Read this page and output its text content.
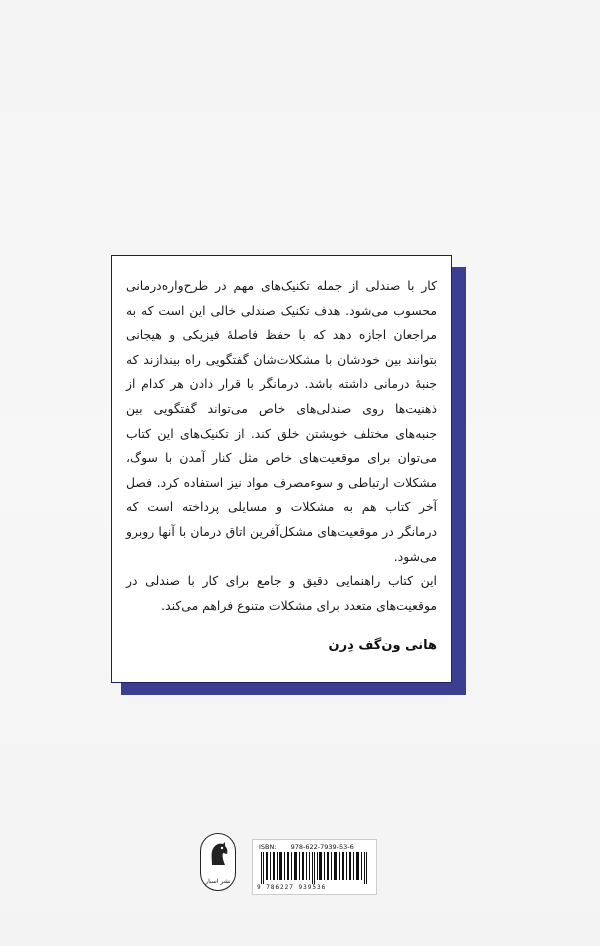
کار با صندلی از جمله تکنیک‌های مهم در طرح‌واره‌درمانی محسوب می‌شود. هدف تکنیک صندلی خالی این است که به مراجعان اجازه دهد که با حفظ فاصلهٔ فیزیکی و هیجانی بتوانند بین خودشان با مشکلات‌شان گفتگویی راه بیندازند که جنبهٔ درمانی داشته باشد. درمانگر با قرار دادن هر کدام از ذهنیت‌ها روی صندلی‌های خاص می‌تواند گفتگویی بین جنبه‌های مختلف خویشتن خلق کند. از تکنیک‌های این کتاب می‌توان برای موقعیت‌های خاص مثل کنار آمدن با سوگ، مشکلات ارتباطی و سوءمصرف مواد نیز استفاده کرد. فصل آخر کتاب هم به مشکلات و مسایلی پرداخته است که درمانگر در موقعیت‌های مشکل‌آفرین اتاق درمان با آنها روبرو می‌شود.

این کتاب راهنمایی دقیق و جامع برای کار با صندلی در موقعیت‌های متعدد برای مشکلات متنوع فراهم می‌کند.

هانی ون‌گف دِرن
نشر اسبار
ISBN: 978-622-7939-53-6
9 786227 939536
